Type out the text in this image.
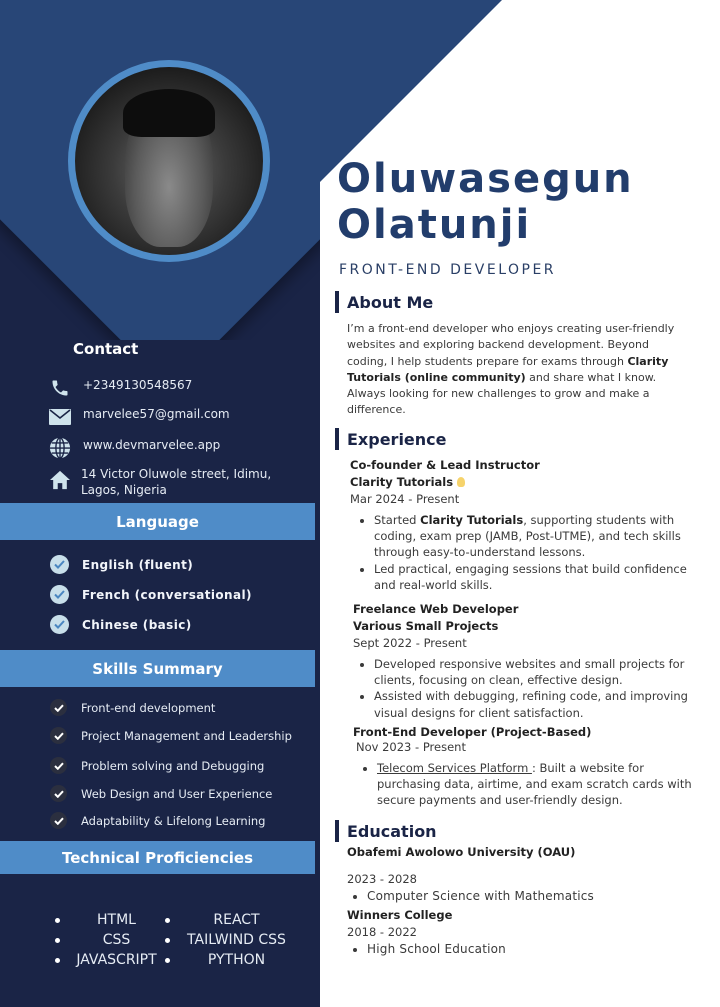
Contact
+2349130548567
marvelee57@gmail.com
www.devmarvelee.app
14 Victor Oluwole street, Idimu, Lagos, Nigeria
Language
English (fluent)
French (conversational)
Chinese (basic)
Skills Summary
Front-end development
Project Management and Leadership
Problem solving and Debugging
Web Design and User Experience
Adaptability & Lifelong Learning
Technical Proficiencies
HTML	REACT
CSS	TAILWIND CSS
JAVASCRIPT	PYTHON
Oluwasegun
Olatunji
FRONT-END DEVELOPER
About Me
I’m a front-end developer who enjoys creating user-friendly websites and exploring backend development. Beyond coding, I help students prepare for exams through Clarity Tutorials (online community) and share what I know. Always looking for new challenges to grow and make a difference.
Experience
Co-founder & Lead Instructor
Clarity Tutorials
Mar 2024 - Present
• Started Clarity Tutorials, supporting students with coding, exam prep (JAMB, Post-UTME), and tech skills through easy-to-understand lessons.
• Led practical, engaging sessions that build confidence and real-world skills.
Freelance Web Developer
Various Small Projects
Sept 2022 - Present
• Developed responsive websites and small projects for clients, focusing on clean, effective design.
• Assisted with debugging, refining code, and improving visual designs for client satisfaction.
Front-End Developer (Project-Based)
Nov 2023 - Present
• Telecom Services Platform : Built a website for purchasing data, airtime, and exam scratch cards with secure payments and user-friendly design.
Education
Obafemi Awolowo University (OAU)
2023 - 2028
• Computer Science with Mathematics
Winners College
2018 - 2022
• High School Education
